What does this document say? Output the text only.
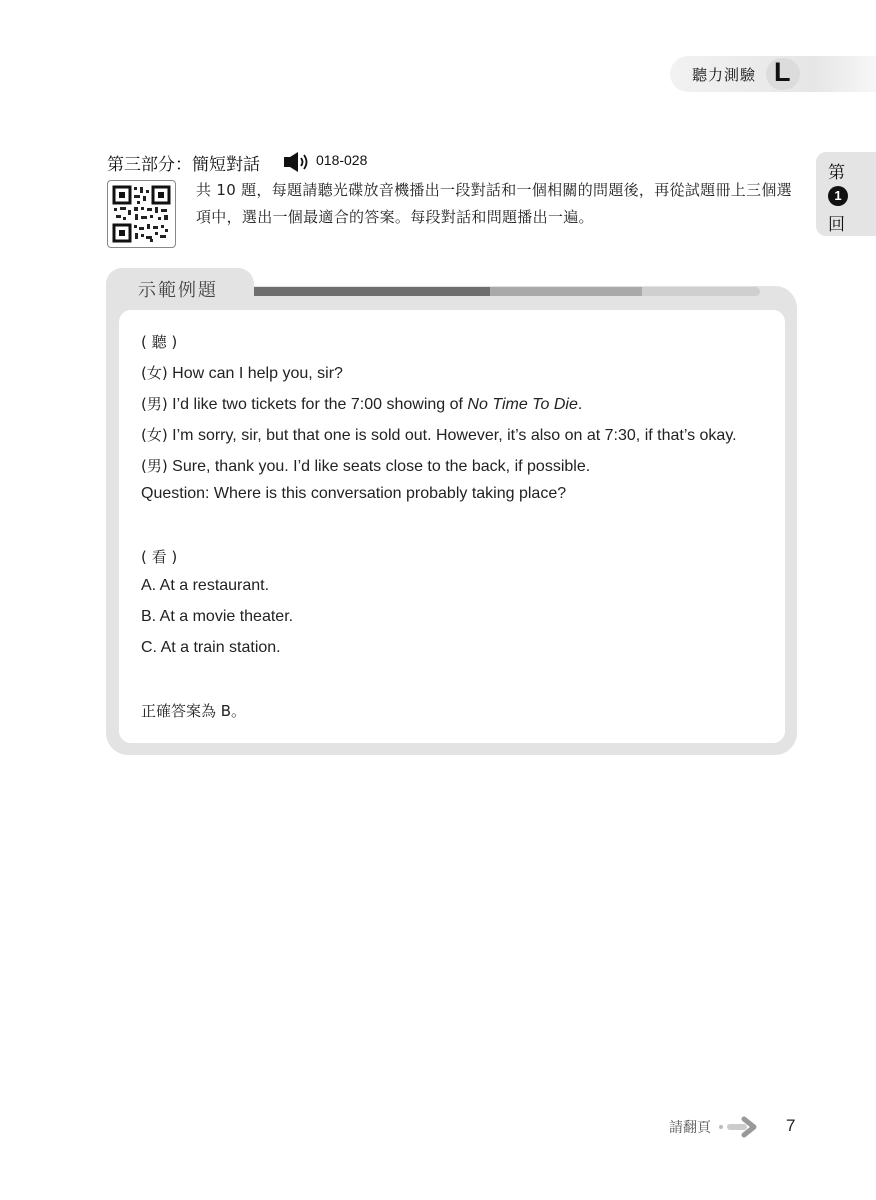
聽力測驗 L
第
1
回
第三部分：簡短對話	018-028
共 10 題，每題請聽光碟放音機播出一段對話和一個相關的問題後，再從試題冊上三個選項中，選出一個最適合的答案。每段對話和問題播出一遍。
示範例題
( 聽 )
(女) How can I help you, sir?
(男) I’d like two tickets for the 7:00 showing of No Time To Die.
(女) I’m sorry, sir, but that one is sold out. However, it’s also on at 7:30, if that’s okay.
(男) Sure, thank you. I’d like seats close to the back, if possible.
Question: Where is this conversation probably taking place?
( 看 )
A. At a restaurant.
B. At a movie theater.
C. At a train station.
正確答案為 B。
請翻頁	7
